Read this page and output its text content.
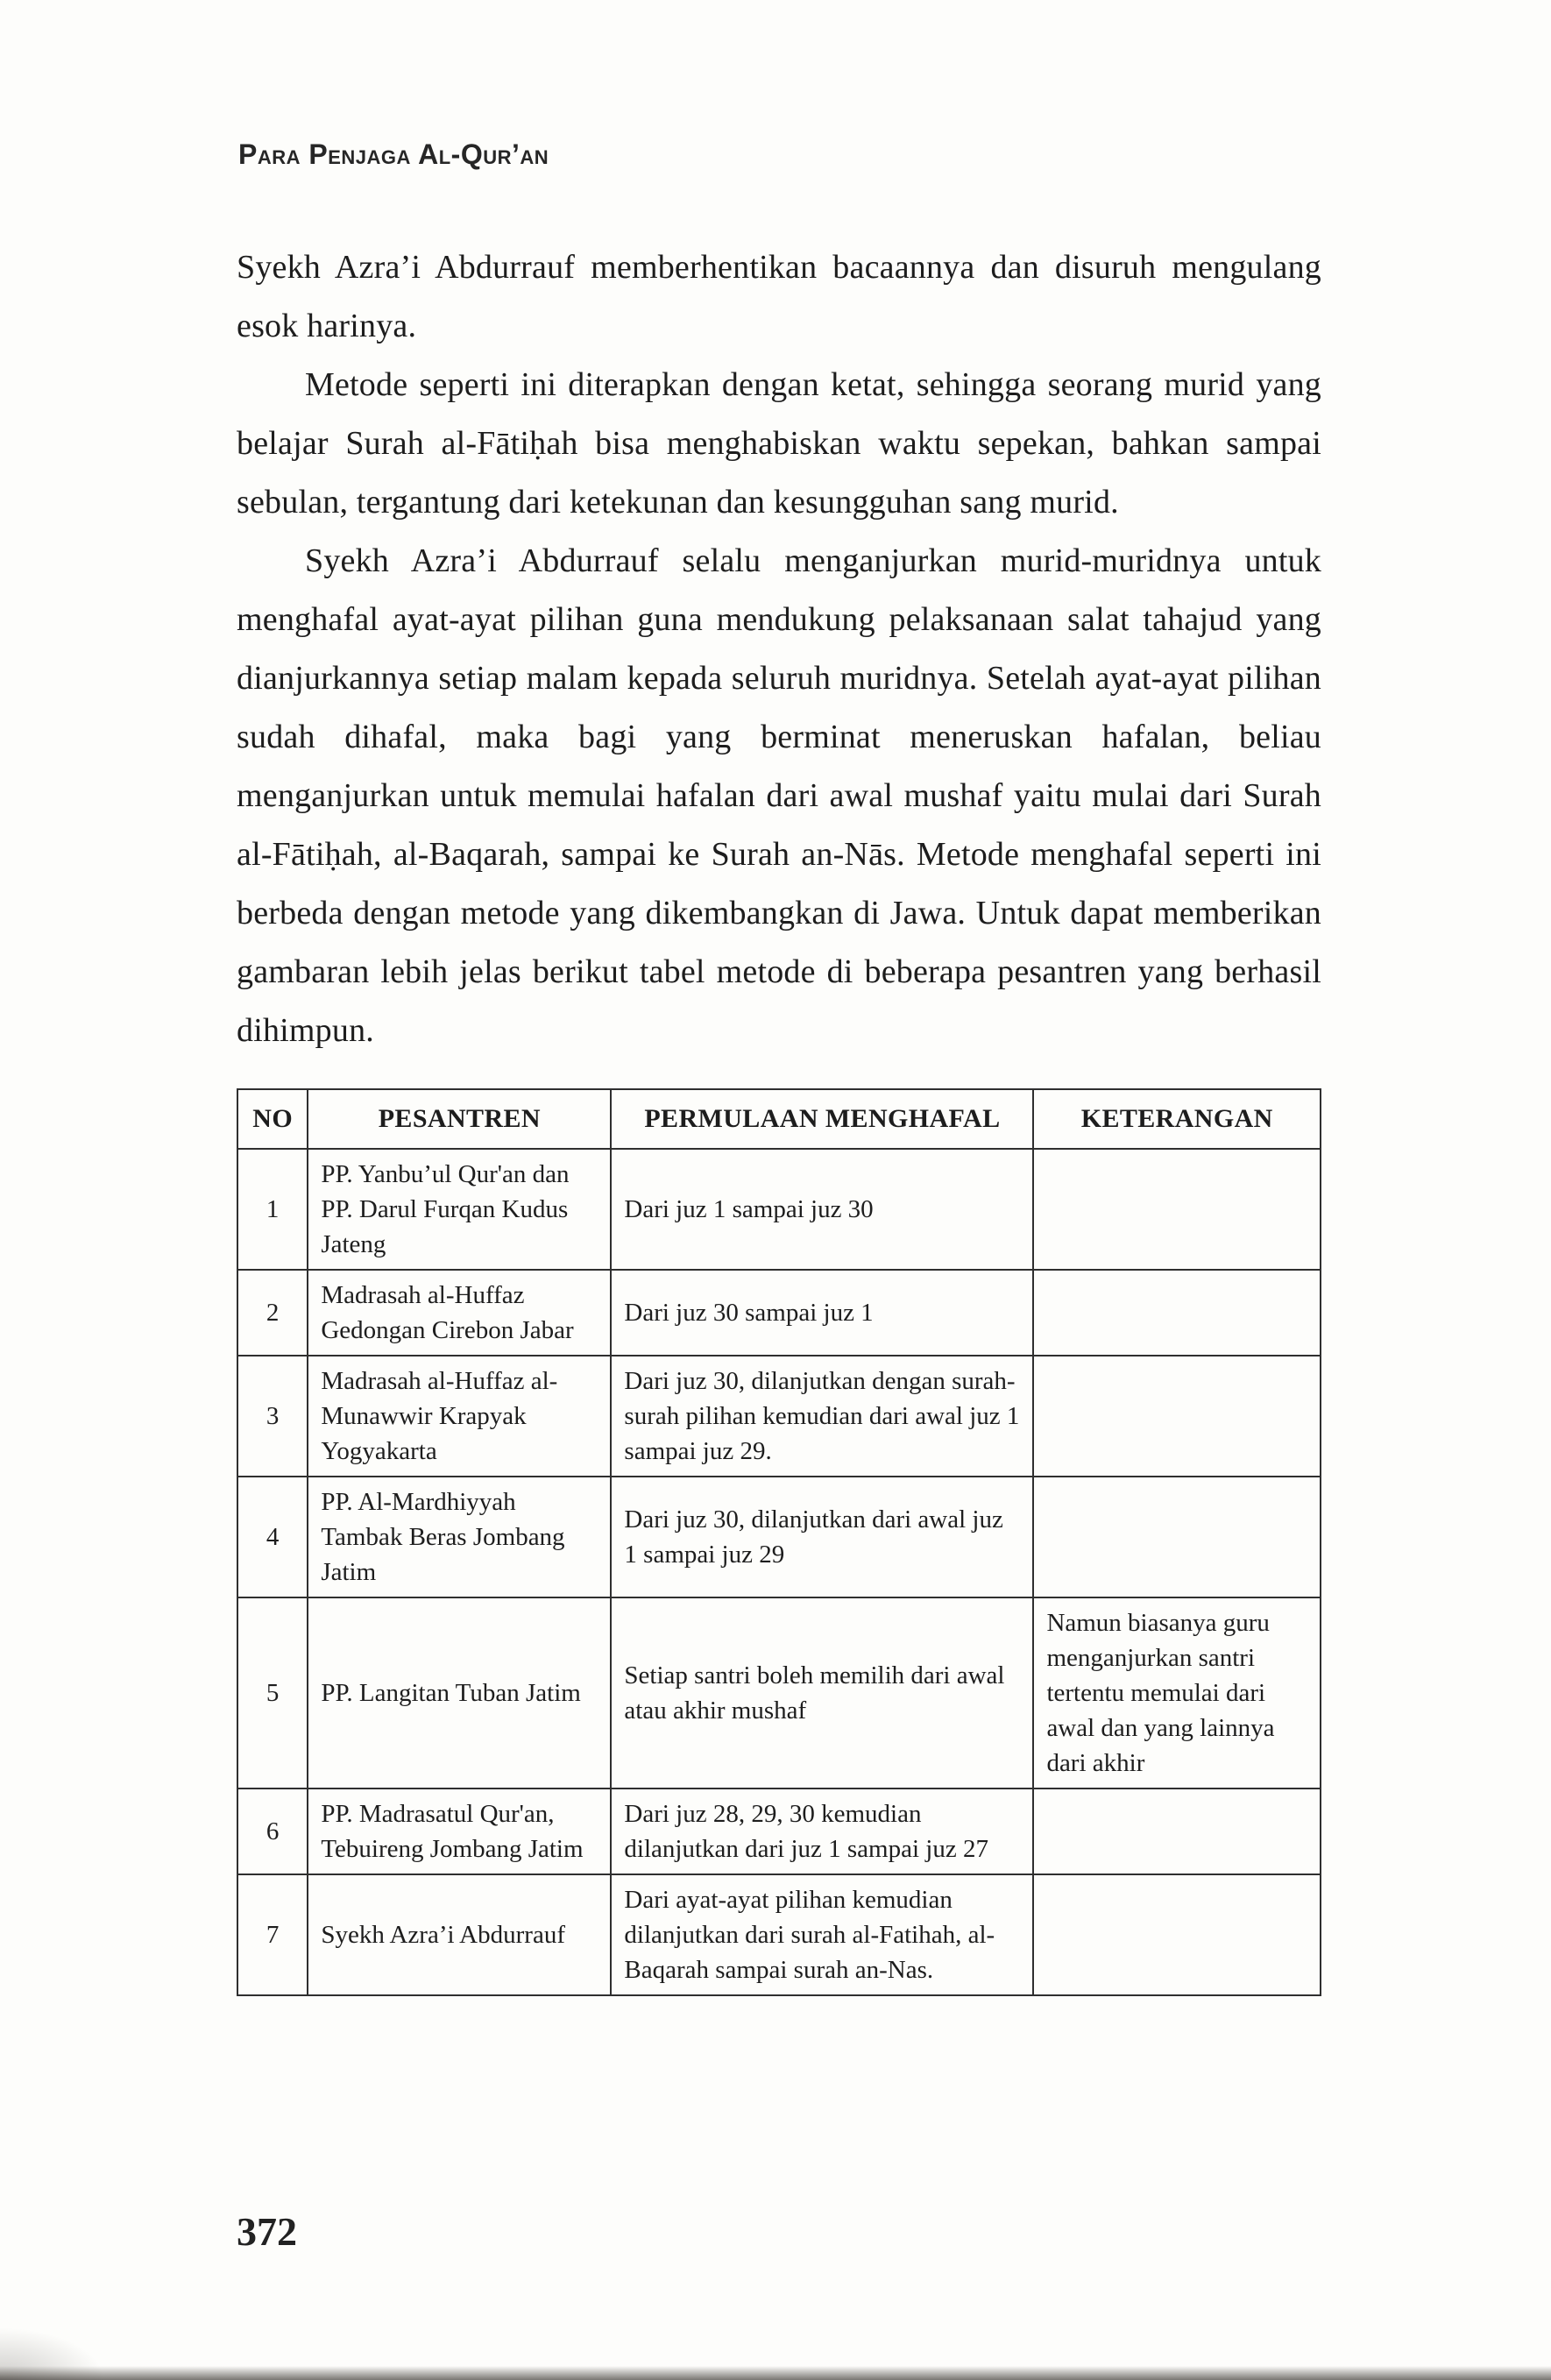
Para Penjaga Al-Qur’an

Syekh Azra’i Abdurrauf memberhentikan bacaannya dan disuruh mengulang esok harinya.

Metode seperti ini diterapkan dengan ketat, sehingga seorang murid yang belajar Surah al-Fātiḥah bisa menghabiskan waktu sepekan, bahkan sampai sebulan, tergantung dari ketekunan dan kesungguhan sang murid.

Syekh Azra’i Abdurrauf selalu menganjurkan murid-muridnya untuk menghafal ayat-ayat pilihan guna mendukung pelaksanaan salat tahajud yang dianjurkannya setiap malam kepada seluruh muridnya. Setelah ayat-ayat pilihan sudah dihafal, maka bagi yang berminat meneruskan hafalan, beliau menganjurkan untuk memulai hafalan dari awal mushaf yaitu mulai dari Surah al-Fātiḥah, al-Baqarah, sampai ke Surah an-Nās. Metode menghafal seperti ini berbeda dengan metode yang dikembangkan di Jawa. Untuk dapat memberikan gambaran lebih jelas berikut tabel metode di beberapa pesantren yang berhasil dihimpun.

NO	PESANTREN	PERMULAAN MENGHAFAL	KETERANGAN
1	PP. Yanbu’ul Qur'an dan PP. Darul Furqan Kudus Jateng	Dari juz 1 sampai juz 30	
2	Madrasah al-Huffaz Gedongan Cirebon Jabar	Dari juz 30 sampai juz 1	
3	Madrasah al-Huffaz al-Munawwir Krapyak Yogyakarta	Dari juz 30, dilanjutkan dengan surah-surah pilihan kemudian dari awal juz 1 sampai juz 29.	
4	PP. Al-Mardhiyyah Tambak Beras Jombang Jatim	Dari juz 30, dilanjutkan dari awal juz 1 sampai juz 29	
5	PP. Langitan Tuban Jatim	Setiap santri boleh memilih dari awal atau akhir mushaf	Namun biasanya guru menganjurkan santri tertentu memulai dari awal dan yang lainnya dari akhir
6	PP. Madrasatul Qur'an, Tebuireng Jombang Jatim	Dari juz 28, 29, 30 kemudian dilanjutkan dari juz 1 sampai juz 27	
7	Syekh Azra’i Abdurrauf	Dari ayat-ayat pilihan kemudian dilanjutkan dari surah al-Fatihah, al-Baqarah sampai surah an-Nas.	
372
